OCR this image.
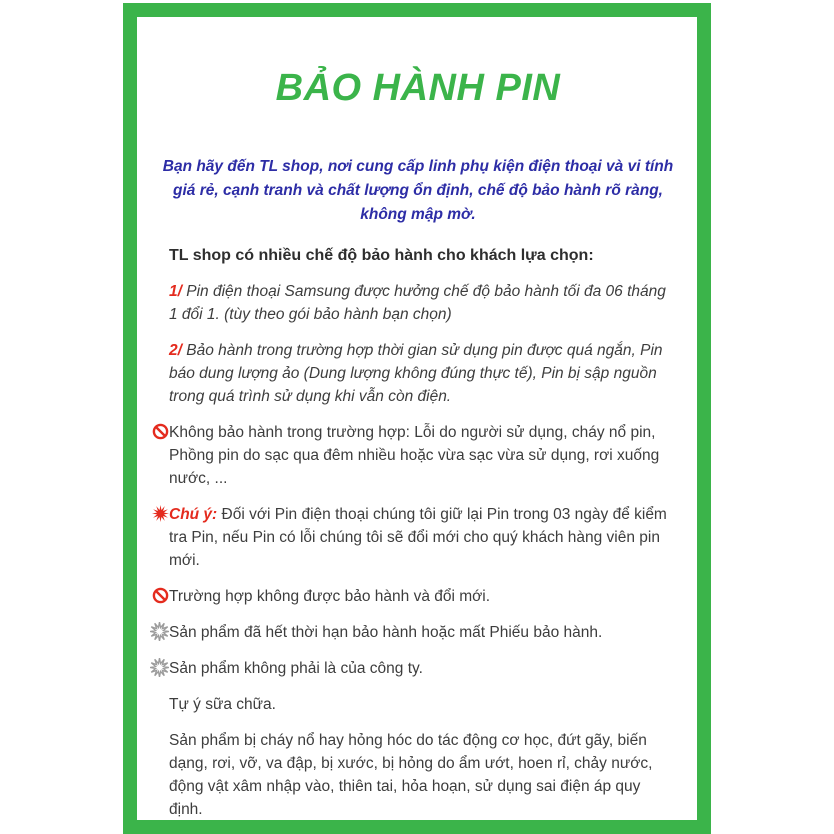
BẢO HÀNH PIN
Bạn hãy đến TL shop, nơi cung cấp linh phụ kiện điện thoại và vi tính giá rẻ, cạnh tranh và chất lượng ổn định, chế độ bảo hành rõ ràng, không mập mờ.
TL shop có nhiều chế độ bảo hành cho khách lựa chọn:
1/ Pin điện thoại Samsung được hưởng chế độ bảo hành tối đa 06 tháng 1 đổi 1. (tùy theo gói bảo hành bạn chọn)
2/ Bảo hành trong trường hợp thời gian sử dụng pin được quá ngắn, Pin báo dung lượng ảo (Dung lượng không đúng thực tế), Pin bị sập nguồn trong quá trình sử dụng khi vẫn còn điện.
Không bảo hành trong trường hợp: Lỗi do người sử dụng, cháy nổ pin, Phồng pin do sạc qua đêm nhiều hoặc vừa sạc vừa sử dụng, rơi xuống nước, ...
Chú ý: Đối với Pin điện thoại chúng tôi giữ lại Pin trong 03 ngày để kiểm tra Pin, nếu Pin có lỗi chúng tôi sẽ đổi mới cho quý khách hàng viên pin mới.
Trường hợp không được bảo hành và đổi mới.
Sản phẩm đã hết thời hạn bảo hành hoặc mất Phiếu bảo hành.
Sản phẩm không phải là của công ty.
Tự ý sữa chữa.
Sản phẩm bị cháy nổ hay hỏng hóc do tác động cơ học, đứt gãy, biến dạng, rơi, vỡ, va đập, bị xước, bị hỏng do ẩm ướt, hoen rỉ, chảy nước, động vật xâm nhập vào, thiên tai, hỏa hoạn, sử dụng sai điện áp quy định.
